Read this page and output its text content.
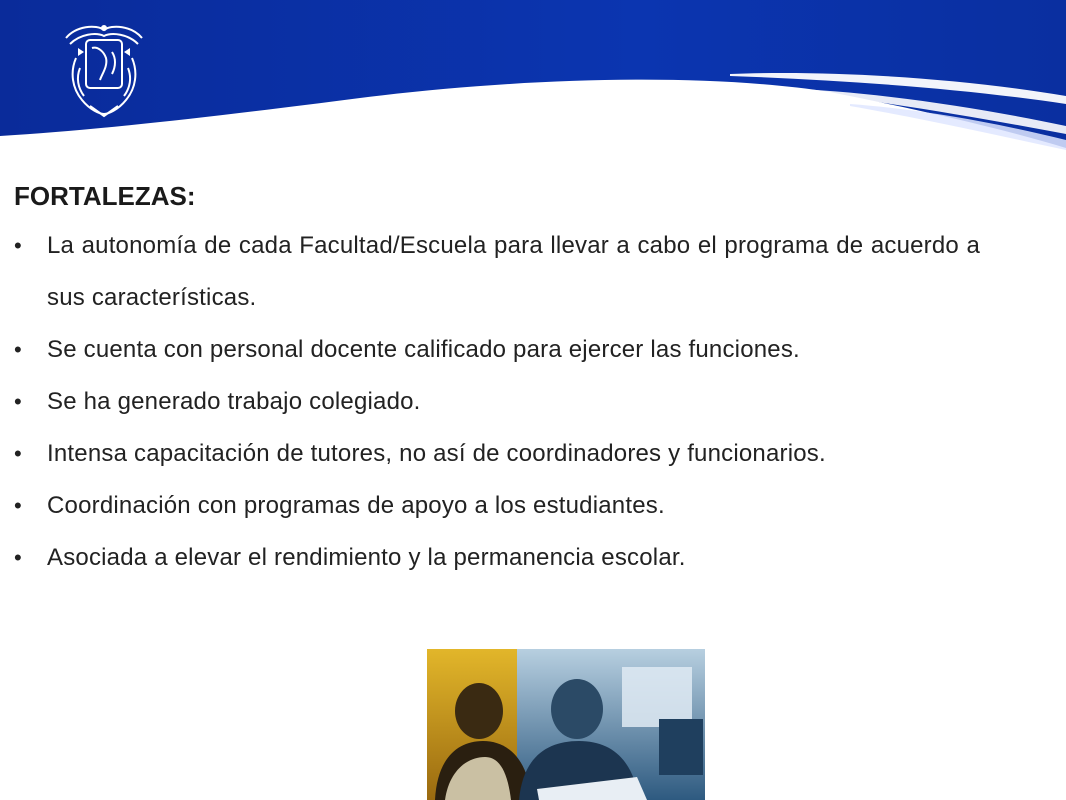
FORTALEZAS:
• La autonomía de cada Facultad/Escuela para llevar a cabo el programa de acuerdo a sus características.
• Se cuenta con personal docente calificado para ejercer las funciones.
• Se ha generado trabajo colegiado.
• Intensa capacitación de tutores, no así de coordinadores y funcionarios.
• Coordinación con programas de apoyo a los estudiantes.
• Asociada a elevar el rendimiento y la permanencia escolar.
